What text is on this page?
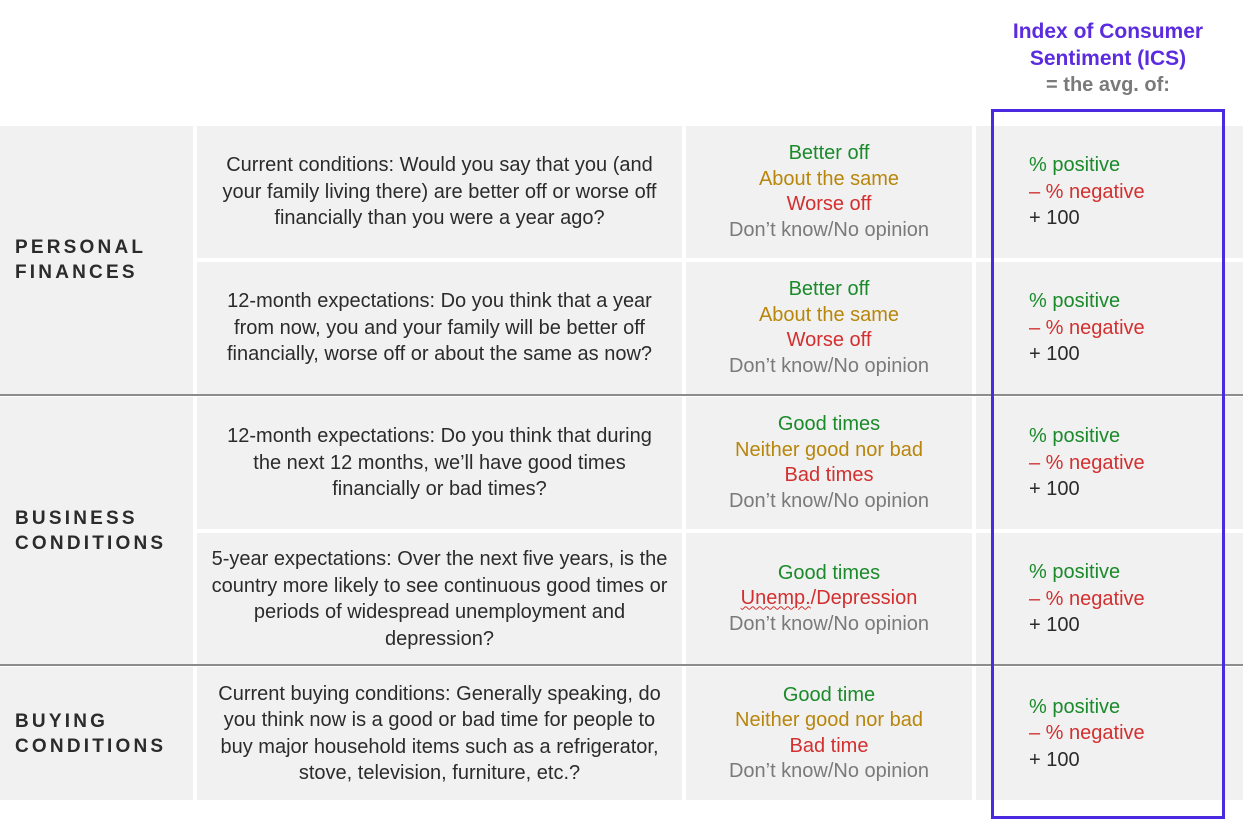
Index of Consumer Sentiment (ICS)
= the avg. of:
PERSONAL
FINANCES
BUSINESS
CONDITIONS
BUYING
CONDITIONS
Current conditions: Would you say that you (and your family living there) are better off or worse off financially than you were a year ago?
Better off
About the same
Worse off
Don’t know/No opinion
% positive
– % negative
+ 100
12-month expectations: Do you think that a year from now, you and your family will be better off financially, worse off or about the same as now?
Better off
About the same
Worse off
Don’t know/No opinion
% positive
– % negative
+ 100
12-month expectations: Do you think that during the next 12 months, we’ll have good times financially or bad times?
Good times
Neither good nor bad
Bad times
Don’t know/No opinion
% positive
– % negative
+ 100
5-year expectations: Over the next five years, is the country more likely to see continuous good times or periods of widespread unemployment and depression?
Good times
Unemp./Depression
Don’t know/No opinion
% positive
– % negative
+ 100
Current buying conditions: Generally speaking, do you think now is a good or bad time for people to buy major household items such as a refrigerator, stove, television, furniture, etc.?
Good time
Neither good nor bad
Bad time
Don’t know/No opinion
% positive
– % negative
+ 100
